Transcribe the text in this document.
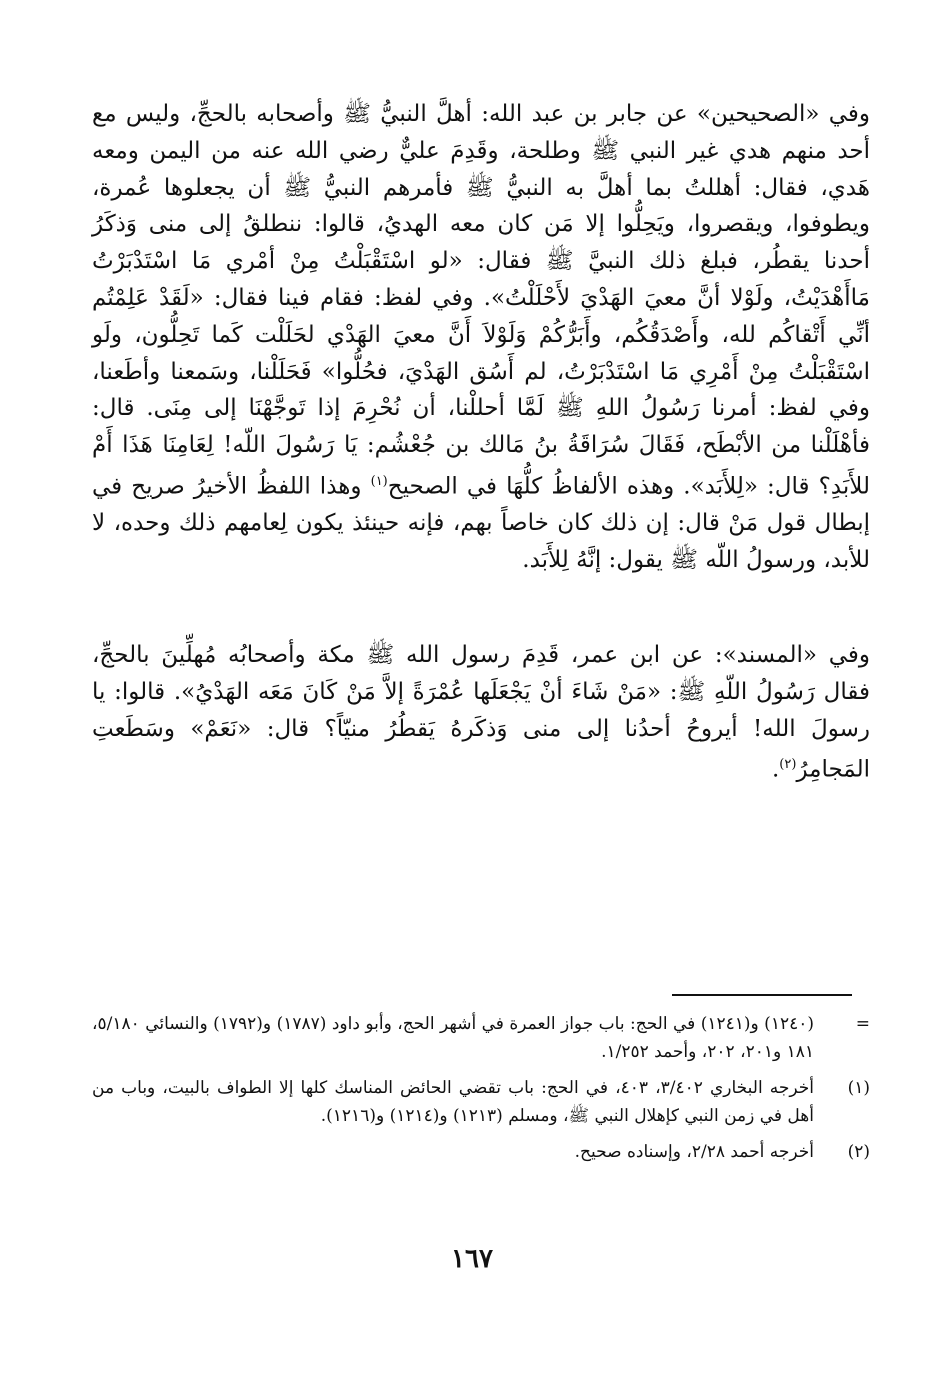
وفي «الصحيحين» عن جابر بن عبد الله: أهلَّ النبيُّ ﷺ وأصحابه بالحجِّ، وليس مع أحد منهم هدي غير النبي ﷺ وطلحة، وقَدِمَ عليٌّ رضي الله عنه من اليمن ومعه هَدي، فقال: أهللتُ بما أهلَّ به النبيُّ ﷺ فأمرهم النبيُّ ﷺ أن يجعلوها عُمرة، ويطوفوا، ويقصروا، ويَحِلُّوا إلا مَن كان معه الهديُ، قالوا: ننطلقُ إلى منى وَذكَرُ أحدنا يقطُر، فبلغ ذلك النبيَّ ﷺ فقال: «لو اسْتَقْبَلْتُ مِنْ أمْري مَا اسْتَدْبَرْتُ مَاأَهْدَيْتُ، ولَوْلا أنَّ معيَ الهَدْيَ لأَحْلَلْتُ». وفي لفظ: فقام فينا فقال: «لَقَدْ عَلِمْتُم أنِّي أَتْقاكُم لله، وأَصْدَقُكُم، وأَبَرُّكُمْ وَلَوْلاَ أَنَّ معيَ الهَدْي لحَلَلْت كَما تَحِلُّون، ولَو اسْتَقْبَلْتُ مِنْ أَمْرِي مَا اسْتَدْبَرْتُ، لم أَسُق الهَدْيَ، فحُلُّوا» فَحَلَلْنا، وسَمعنا وأطَعنا، وفي لفظ: أمرنا رَسُولُ اللهِ ﷺ لَمَّا أحللْنا، أن نُحْرِمَ إذا تَوجَّهْنَا إلى مِنَى. قال: فأهْلَلْنا من الأبْطَح، فَقَالَ سُرَاقَةُ بنُ مَالك بن جُعْشُم: يَا رَسُولَ اللّه! لِعَامِنَا هَذَا أَمْ للأَبَدِ؟ قال: «لِلأَبَد». وهذه الألفاظُ كلُّهَا في الصحيح$^{(١)}$ وهذا اللفظُ الأخيرُ صريح في إبطال قول مَنْ قال: إن ذلك كان خاصاً بهم، فإنه حينئذ يكون لِعامهم ذلك وحده، لا للأبد، ورسولُ اللّه ﷺ يقول: إنَّهُ لِلأَبَد.

وفي «المسند»: عن ابن عمر، قَدِمَ رسول الله ﷺ مكة وأصحابُه مُهلِّينَ بالحجِّ، فقال رَسُولُ اللّهِ ﷺ: «مَنْ شَاءَ أنْ يَجْعَلَها عُمْرَةً إلاَّ مَنْ كَانَ مَعَه الهَدْيُ». قالوا: يا رسولَ الله! أيروحُ أحدُنا إلى منى وَذكَرهُ يَقطُرُ منيّاً؟ قال: «نَعَمْ» وسَطَعتِ المَجامِرُ$^{(٢)}$.

=
(١٢٤٠) و(١٢٤١) في الحج: باب جواز العمرة في أشهر الحج، وأبو داود (١٧٨٧) و(١٧٩٢) والنسائي ٥/١٨٠، ١٨١ و٢٠١، ٢٠٢، وأحمد ١/٢٥٢.
(١)
أخرجه البخاري ٣/٤٠٢، ٤٠٣، في الحج: باب تقضي الحائض المناسك كلها إلا الطواف بالبيت، وباب من أهل في زمن النبي كإهلال النبي ﷺ، ومسلم (١٢١٣) و(١٢١٤) و(١٢١٦).
(٢)
أخرجه أحمد ٢/٢٨، وإسناده صحيح.
١٦٧
